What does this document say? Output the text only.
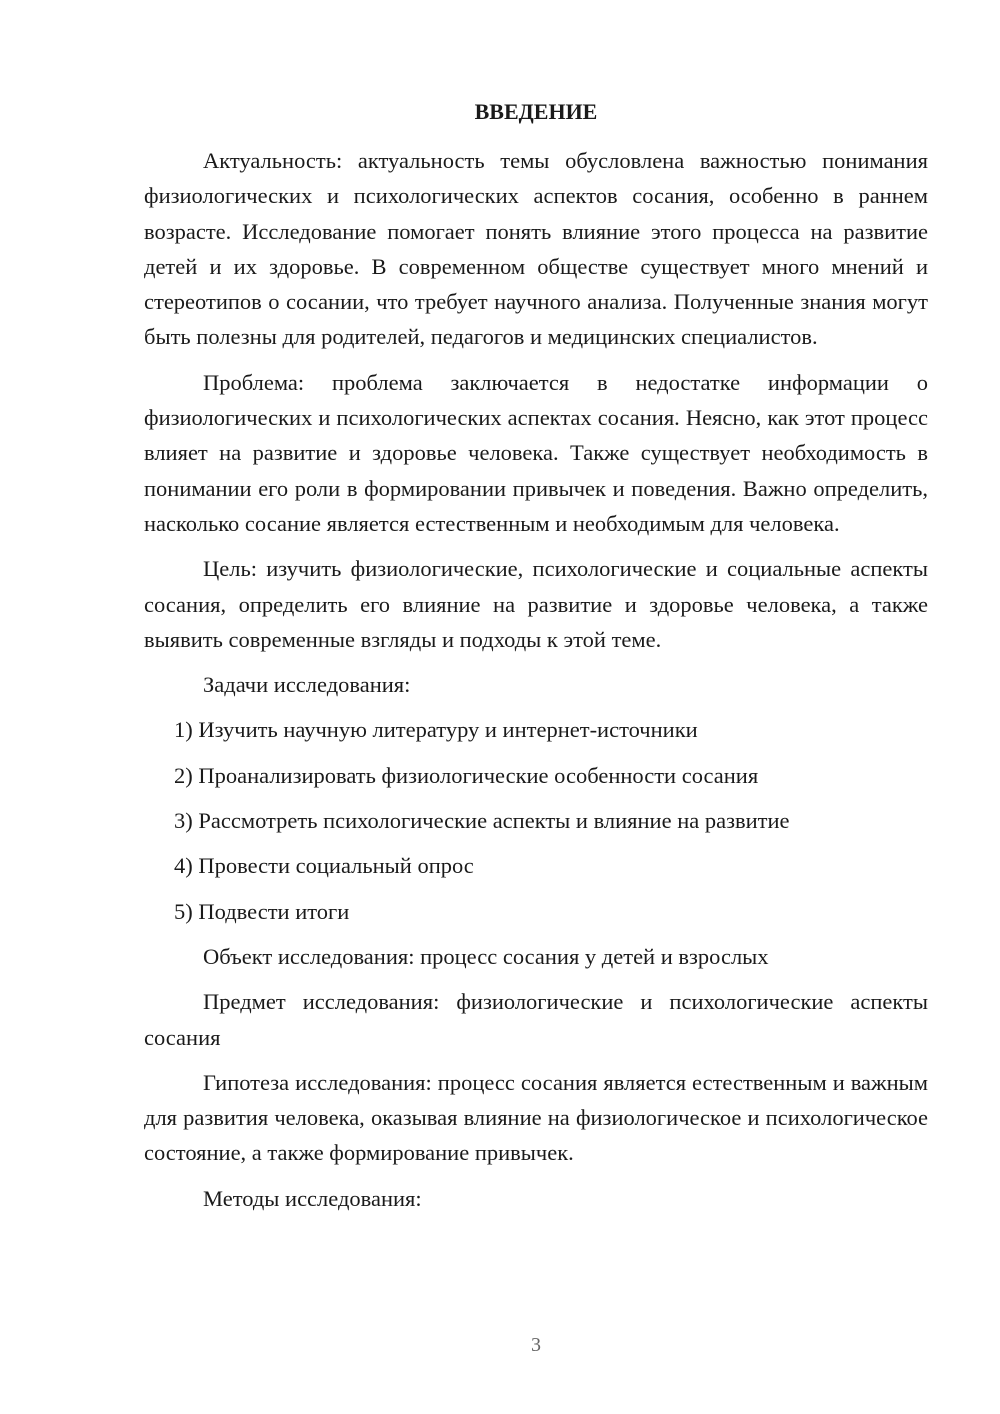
ВВЕДЕНИЕ

Актуальность: актуальность темы обусловлена важностью понимания физиологических и психологических аспектов сосания, особенно в раннем возрасте. Исследование помогает понять влияние этого процесса на развитие детей и их здоровье. В современном обществе существует много мнений и стереотипов о сосании, что требует научного анализа. Полученные знания могут быть полезны для родителей, педагогов и медицинских специалистов.

Проблема: проблема заключается в недостатке информации о физиологических и психологических аспектах сосания. Неясно, как этот процесс влияет на развитие и здоровье человека. Также существует необходимость в понимании его роли в формировании привычек и поведения. Важно определить, насколько сосание является естественным и необходимым для человека.

Цель: изучить физиологические, психологические и социальные аспекты сосания, определить его влияние на развитие и здоровье человека, а также выявить современные взгляды и подходы к этой теме.

Задачи исследования:

1) Изучить научную литературу и интернет-источники
2) Проанализировать физиологические особенности сосания
3) Рассмотреть психологические аспекты и влияние на развитие
4) Провести социальный опрос
5) Подвести итоги

Объект исследования: процесс сосания у детей и взрослых

Предмет исследования: физиологические и психологические аспекты сосания

Гипотеза исследования: процесс сосания является естественным и важным для развития человека, оказывая влияние на физиологическое и психологическое состояние, а также формирование привычек.

Методы исследования:

3
